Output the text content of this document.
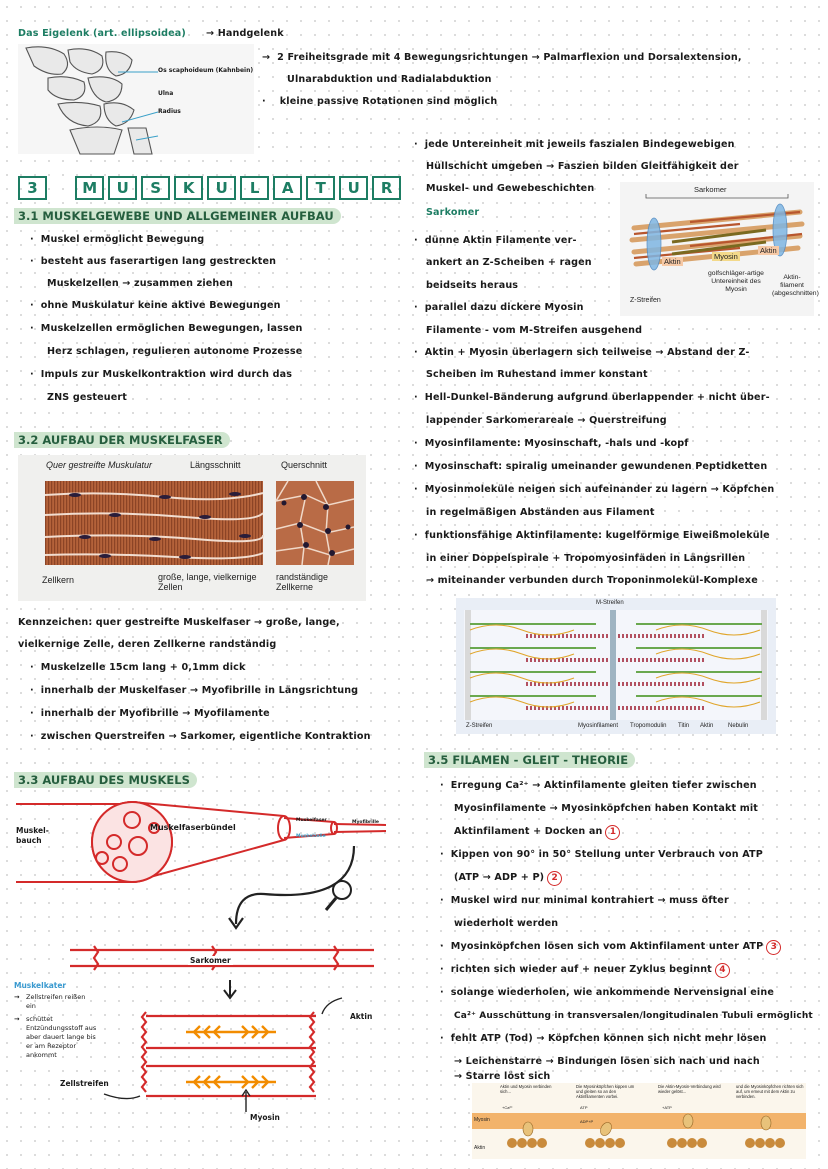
Das Eigelenk (art. ellipsoidea) → Handgelenk
Os scaphoideum (Kahnbein)
Ulna
Radius
→  2 Freiheitsgrade mit 4 Bewegungsrichtungen → Palmarflexion und Dorsalextension,
Ulnarabduktion und Radialabduktion
·    kleine passive Rotationen sind möglich
3	M U S K U L A T U R
3.1 MUSKELGEWEBE UND ALLGEMEINER AUFBAU
·  Muskel ermöglicht Bewegung
·  besteht aus faserartigen lang gestreckten
Muskelzellen → zusammen ziehen
·  ohne Muskulatur keine aktive Bewegungen
·  Muskelzellen ermöglichen Bewegungen, lassen
Herz schlagen, regulieren autonome Prozesse
·  Impuls zur Muskelkontraktion wird durch das
ZNS gesteuert
3.2 AUFBAU DER MUSKELFASER
Quer gestreifte Muskulatur	Längsschnitt	Querschnitt
Zellkern	große, lange, vielkernige Zellen
randständige Zellkerne
Kennzeichen: quer gestreifte Muskelfaser → große, lange,
vielkernige Zelle, deren Zellkerne randständig
·  Muskelzelle 15cm lang + 0,1mm dick
·  innerhalb der Muskelfaser → Myofibrille in Längsrichtung
·  innerhalb der Myofibrille → Myofilamente
·  zwischen Querstreifen → Sarkomer, eigentliche Kontraktion
3.3 AUFBAU DES MUSKELS
Muskel- bauch
Muskelfaserbündel
Muskelfaser	Myofibrille
Muskelzelle
Sarkomer
Aktin
Myosin
Zellstreifen
Muskelkater
→ Zellstreifen reißen ein
→ schüttet Entzündungsstoff aus aber dauert lange bis er am Rezeptor ankommt
·  jede Untereinheit mit jeweils faszialen Bindegewebigen
Hüllschicht umgeben → Faszien bilden Gleitfähigkeit der
Muskel- und Gewebeschichten
Sarkomer
Sarkomer
Aktin
Myosin
Aktin
Z-Streifen
golfschläger-artige Untereinheit des Myosin
Aktin-filament (abgeschnitten)
·  dünne Aktin Filamente ver-
ankert an Z-Scheiben + ragen
beidseits heraus
·  parallel dazu dickere Myosin
Filamente - vom M-Streifen ausgehend
·  Aktin + Myosin überlagern sich teilweise → Abstand der Z-
Scheiben im Ruhestand immer konstant
·  Hell-Dunkel-Bänderung aufgrund überlappender + nicht über-
lappender Sarkomerareale → Querstreifung
·  Myosinfilamente: Myosinschaft, -hals und -kopf
·  Myosinschaft: spiralig umeinander gewundenen Peptidketten
·  Myosinmoleküle neigen sich aufeinander zu lagern → Köpfchen
in regelmäßigen Abständen aus Filament
·  funktionsfähige Aktinfilamente: kugelförmige Eiweißmoleküle
in einer Doppelspirale + Tropomyosinfäden in Längsrillen
→ miteinander verbunden durch Troponinmolekül-Komplexe
M-Streifen
Z-Streifen	Myosinfilament Tropomodulin Titin Aktin Nebulin
3.5 FILAMEN - GLEIT - THEORIE
·  Erregung Ca²⁺ → Aktinfilamente gleiten tiefer zwischen
Myosinfilamente → Myosinköpfchen haben Kontakt mit
Aktinfilament + Docken an 1
·  Kippen von 90° in 50° Stellung unter Verbrauch von ATP
(ATP → ADP + P) 2
·  Muskel wird nur minimal kontrahiert → muss öfter
wiederholt werden
·  Myosinköpfchen lösen sich vom Aktinfilament unter ATP 3
·  richten sich wieder auf + neuer Zyklus beginnt 4
·  solange wiederholen, wie ankommende Nervensignal eine
Ca²⁺ Ausschüttung in transversalen/longitudinalen Tubuli ermöglicht
·  fehlt ATP (Tod) → Köpfchen können sich nicht mehr lösen
→ Leichenstarre → Bindungen lösen sich nach und nach
→ Starre löst sich
Aktin und Myosin verbinden sich...
Die Myosinköpfchen kippen um und gleiten so an den Aktinfilamenten vorbei.
Die Aktin-Myosin-Verbindung wird wieder gelöst...
und die Myosinköpfchen richten sich auf, um erneut mit dem Aktin zu verbinden.
Myosin
Aktin
+Ca²⁺	ATP
ADP+P
+ATP
